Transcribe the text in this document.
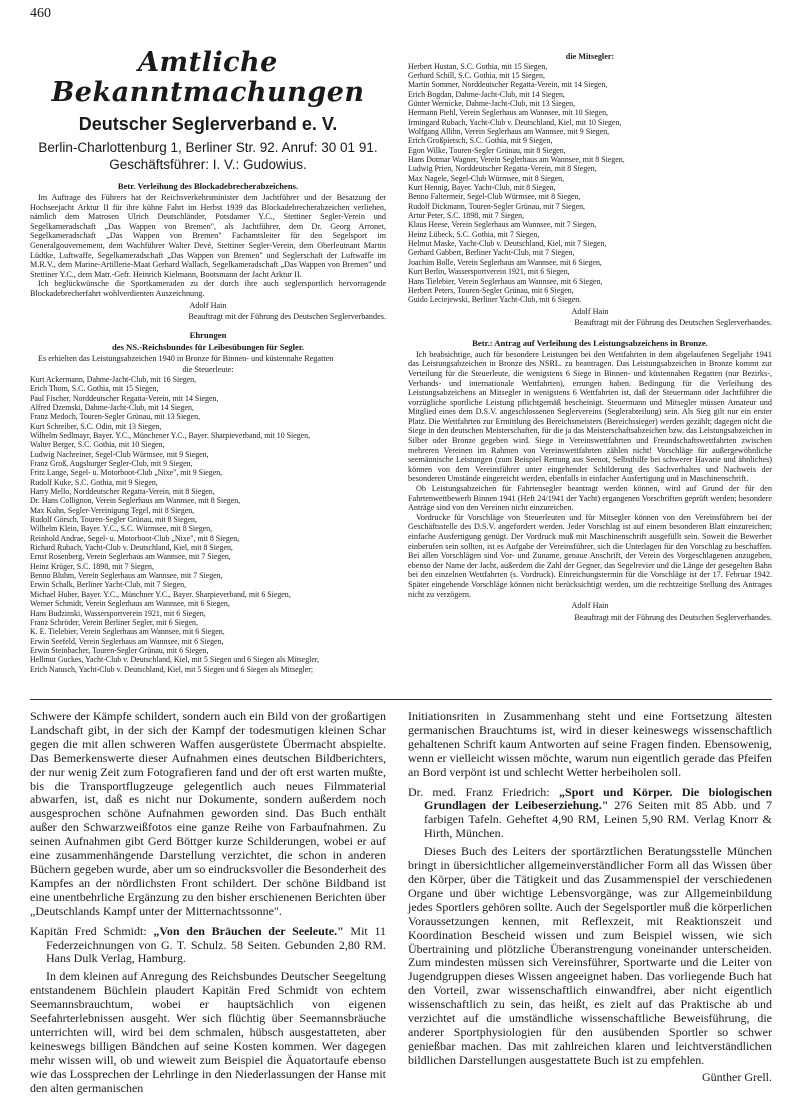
460
Amtliche Bekanntmachungen
Deutscher Seglerverband e. V.

Berlin-Charlottenburg 1, Berliner Str. 92. Anruf: 30 01 91.

Geschäftsführer: I. V.: Gudowius.

Betr. Verleihung des Blockadebrecherabzeichens.

Im Auftrage des Führers hat der Reichsverkehrsminister dem Jachtführer und der Besatzung der Hochseejacht Arktur II für ihre kühne Fahrt im Herbst 1939 das Blockadebrecherabzeichen verliehen, nämlich dem Matrosen Ulrich Deutschländer, Potsdamer Y.C., Stettiner Segler-Verein und Segelkameradschaft „Das Wappen von Bremen", als Jachtführer, dem Dr. Georg Arronet, Segelkameradschaft „Das Wappen von Bremen" Fachamtsleiter für den Segelsport im Generalgouvernement, dem Wachführer Walter Devé, Stettiner Segler-Verein, dem Oberleutnant Martin Lüdtke, Luftwaffe, Segelkameradschaft „Das Wappen von Bremen" und Seglerschaft der Luftwaffe im M.R.V., dem Marine-Artillerie-Maat Gerhard Wallach, Segelkameradschaft „Das Wappen von Bremen" und Stettiner Y.C., dem Matr.-Gefr. Heinrich Kielmann, Bootsmann der Jacht Arktur II.

Ich beglückwünsche die Sportkameraden zu der durch ihre auch seglersportlich hervorragende Blockadebrecherfahrt wohlverdienten Auszeichnung.

Adolf Hain

Beauftragt mit der Führung des Deutschen Seglerverbandes.

Ehrungen
des NS.-Reichsbundes für Leibesübungen für Segler.

Es erhielten das Leistungsabzeichen 1940 in Bronze für Binnen- und küstennahe Regatten

die Steuerleute:

Kurt Ackermann, Dahme-Jacht-Club, mit 16 Siegen,

Erich Thom, S.C. Gothia, mit 15 Siegen,

Paul Fischer, Norddeutscher Regatta-Verein, mit 14 Siegen,

Alfred Dzemski, Dahme-Jacht-Club, mit 14 Siegen,

Franz Medoch, Touren-Segler Grünau, mit 13 Siegen,

Kurt Schreiber, S.C. Odin, mit 13 Siegen,

Wilhelm Sedlmayr, Bayer. Y.C., Münchener Y.C., Bayer. Sharpieverband, mit 10 Siegen,

Walter Berger, S.C. Gothia, mit 10 Siegen,

Ludwig Nachreiner, Segel-Club Würmsee, mit 9 Siegen,

Franz Groß, Augsburger Segler-Club, mit 9 Siegen,

Fritz Lange, Segel- u. Motorboot-Club „Nixe", mit 9 Siegen,

Rudolf Kuke, S.C. Gothia, mit 9 Siegen,

Harry Mello, Norddeutscher Regatta-Verein, mit 8 Siegen,

Dr. Hans Collignon, Verein Seglerhaus am Wannsee, mit 8 Siegen,

Max Kuhn, Segler-Vereinigung Tegel, mit 8 Siegen,

Rudolf Görsch, Touren-Segler Grünau, mit 8 Siegen,

Wilhelm Klein, Bayer. Y.C., S.C. Würmsee, mit 8 Siegen,

Reinhold Andrae, Segel- u. Motorboot-Club „Nixe", mit 8 Siegen,

Richard Rubach, Yacht-Club v. Deutschland, Kiel, mit 8 Siegen,

Ernst Rosenberg, Verein Seglerhaus am Wannsee, mit 7 Siegen,

Heinz Krüger, S.C. 1898, mit 7 Siegen,

Benno Bluhm, Verein Seglerhaus am Wannsee, mit 7 Siegen,

Erwin Schalk, Berliner Yacht-Club, mit 7 Siegen,

Michael Huber, Bayer. Y.C., Münchner Y.C., Bayer. Sharpieverband, mit 6 Siegen,

Werner Schmidt, Verein Seglerhaus am Wannsee, mit 6 Siegen,

Hans Budzinski, Wassersportverein 1921, mit 6 Siegen,

Franz Schröder, Verein Berliner Segler, mit 6 Siegen,

K. E. Tielebier, Verein Seglerhaus am Wannsee, mit 6 Siegen,

Erwin Seefeld, Verein Seglerhaus am Wannsee, mit 6 Siegen,

Erwin Steinbacher, Touren-Segler Grünau, mit 6 Siegen,

Hellmut Guckes, Yacht-Club v. Deutschland, Kiel, mit 5 Siegen und 6 Siegen als Mitsegler,

Erich Natusch, Yacht-Club v. Deutschland, Kiel, mit 5 Siegen und 6 Siegen als Mitsegler;

die Mitsegler:

Herbert Hustan, S.C. Gothia, mit 15 Siegen,

Gerhard Schill, S.C. Gothia, mit 15 Siegen,

Martin Sommer, Norddeutscher Regatta-Verein, mit 14 Siegen,

Erich Bogdan, Dahme-Jacht-Club, mit 14 Siegen,

Günter Wernicke, Dahme-Jacht-Club, mit 13 Siegen,

Hermann Piehl, Verein Seglerhaus am Wannsee, mit 10 Siegen,

Irmingard Rubach, Yacht-Club v. Deutschland, Kiel, mit 10 Siegen,

Wolfgang Allihn, Verein Seglerhaus am Wannsee, mit 9 Siegen,

Erich Großpietsch, S.C. Gothia, mit 9 Siegen,

Egon Wilke, Touren-Segler Grünau, mit 8 Siegen,

Hans Dotmar Wagner, Verein Seglerhaus am Wannsee, mit 8 Siegen,

Ludwig Prien, Norddeutscher Regatta-Verein, mit 8 Siegen,

Max Nagele, Segel-Club Würmsee, mit 8 Siegen,

Kurt Hennig, Bayer. Yacht-Club, mit 8 Siegen,

Benno Faltermeir, Segel-Club Würmsee, mit 8 Siegen,

Rudolf Dickmann, Touren-Segler Grünau, mit 7 Siegen,

Artur Peter, S.C. 1898, mit 7 Siegen,

Klaus Heese, Verein Seglerhaus am Wannsee, mit 7 Siegen,

Heinz Lübeck, S.C. Gothia, mit 7 Siegen,

Helmut Maske, Yacht-Club v. Deutschland, Kiel, mit 7 Siegen,

Gerhard Gabbert, Berliner Yacht-Club, mit 7 Siegen,

Joachim Bolle, Verein Seglerhaus am Wannsee, mit 6 Siegen,

Kurt Berlin, Wassersportverein 1921, mit 6 Siegen,

Hans Tielebier, Verein Seglerhaus am Wannsee, mit 6 Siegen,

Herbert Peters, Touren-Segler Grünau, mit 6 Siegen,

Guido Leciejewski, Berliner Yacht-Club, mit 6 Siegen.

Adolf Hain

Beauftragt mit der Führung des Deutschen Seglerverbandes.

Betr.: Antrag auf Verleihung des Leistungsabzeichens in Bronze.

Ich beabsichtige, auch für besondere Leistungen bei den Wettfahrten in dem abgelaufenen Segeljahr 1941 das Leistungsabzeichen in Bronze des NSRL. zu beantragen. Das Leistungsabzeichen in Bronze kommt zur Verteilung für die Steuerleute, die wenigstens 6 Siege in Binnen- und küstennahen Regatten (nur Bezirks-, Verbands- und internationale Wettfahrten), errungen haben. Bedingung für die Verleihung des Leistungsabzeichens an Mitsegler in wenigstens 6 Wettfahrten ist, daß der Steuermann oder Jachtführer die vorzügliche sportliche Leistung pflichtgemäß bescheinigt. Steuermann und Mitsegler müssen Amateur und Mitglied eines dem D.S.V. angeschlossenen Seglervereins (Seglerabteilung) sein. Als Sieg gilt nur ein erster Platz. Die Wettfahrten zur Ermittlung des Bereichsmeisters (Bereichssieger) werden gezählt; dagegen nicht die Siege in den deutschen Meisterschaften, für die ja das Meisterschaftsabzeichen bzw. das Leistungsabzeichen in Silber oder Bronze gegeben wird. Siege in Vereinswettfahrten und Freundschaftswettfahrten zwischen mehreren Vereinen im Rahmen von Vereinswettfahrten zählen nicht! Vorschläge für außergewöhnliche seemännische Leistungen (zum Beispiel Rettung aus Seenot, Selbsthilfe bei schwerer Havarie und ähnliches) können von dem Vereinsführer unter eingehender Schilderung des Sachverhaltes und Nachweis der besonderen Umstände eingereicht werden, ebenfalls in einfacher Ausfertigung und in Maschinenschrift.

Ob Leistungsabzeichen für Fahrtensegler beantragt werden können, wird auf Grund der für den Fahrtenwettbewerb Binnen 1941 (Heft 24/1941 der Yacht) ergangenen Vorschriften geprüft werden; besondere Anträge sind von den Vereinen nicht einzureichen.

Vordrucke für Vorschläge von Steuerleuten und für Mitsegler können von den Vereinsführern bei der Geschäftsstelle des D.S.V. angefordert werden. Jeder Vorschlag ist auf einem besonderen Blatt einzureichen; einfache Ausfertigung genügt. Der Vordruck muß mit Maschinenschrift ausgefüllt sein. Soweit die Bewerber einberufen sein sollten, ist es Aufgabe der Vereinsführer, sich die Unterlagen für den Vorschlag zu beschaffen. Bei allen Vorschlägen sind Vor- und Zuname, genaue Anschrift, der Verein des Vorgeschlagenen anzugeben, ebenso der Name der Jacht, außerdem die Zahl der Gegner, das Segelrevier und die Länge der gesegelten Bahn bei den einzelnen Wettfahrten (s. Vordruck). Einreichungstermin für die Vorschläge ist der 17. Februar 1942. Später eingehende Vorschläge können nicht berücksichtigt werden, um die rechtzeitige Stellung des Antrages nicht zu verzögern.

Adolf Hain

Beauftragt mit der Führung des Deutschen Seglerverbandes.

Schwere der Kämpfe schildert, sondern auch ein Bild von der großartigen Landschaft gibt, in der sich der Kampf der todesmutigen kleinen Schar gegen die mit allen schweren Waffen ausgerüstete Übermacht abspielte. Das Bemerkenswerte dieser Aufnahmen eines deutschen Bildberichters, der nur wenig Zeit zum Fotografieren fand und der oft erst warten mußte, bis die Transportflugzeuge gelegentlich auch neues Filmmaterial abwarfen, ist, daß es nicht nur Dokumente, sondern außerdem noch ausgesprochen schöne Aufnahmen geworden sind. Das Buch enthält außer den Schwarzweißfotos eine ganze Reihe von Farbaufnahmen. Zu seinen Aufnahmen gibt Gerd Böttger kurze Schilderungen, wobei er auf eine zusammenhängende Darstellung verzichtet, die schon in anderen Büchern gegeben wurde, aber um so eindrucksvoller die Besonderheit des Kampfes an der nördlichsten Front schildert. Der schöne Bildband ist eine unentbehrliche Ergänzung zu den bisher erschienenen Berichten über „Deutschlands Kampf unter der Mitternachtssonne".

Kapitän Fred Schmidt: „Von den Bräuchen der Seeleute." Mit 11 Federzeichnungen von G. T. Schulz. 58 Seiten. Gebunden 2,80 RM. Hans Dulk Verlag, Hamburg.

In dem kleinen auf Anregung des Reichsbundes Deutscher Seegeltung entstandenem Büchlein plaudert Kapitän Fred Schmidt von echtem Seemannsbrauchtum, wobei er hauptsächlich von eigenen Seefahrterlebnissen ausgeht. Wer sich flüchtig über Seemannsbräuche unterrichten will, wird bei dem schmalen, hübsch ausgestatteten, aber keineswegs billigen Bändchen auf seine Kosten kommen. Wer dagegen mehr wissen will, ob und wieweit zum Beispiel die Äquatortaufe ebenso wie das Lossprechen der Lehrlinge in den Niederlassungen der Hanse mit den alten germanischen

Initiationsriten in Zusammenhang steht und eine Fortsetzung ältesten germanischen Brauchtums ist, wird in dieser keineswegs wissenschaftlich gehaltenen Schrift kaum Antworten auf seine Fragen finden. Ebensowenig, wenn er vielleicht wissen möchte, warum nun eigentlich gerade das Pfeifen an Bord verpönt ist und schlecht Wetter herbeiholen soll.

Dr. med. Franz Friedrich: „Sport und Körper. Die biologischen Grundlagen der Leibeserziehung." 276 Seiten mit 85 Abb. und 7 farbigen Tafeln. Geheftet 4,90 RM, Leinen 5,90 RM. Verlag Knorr & Hirth, München.

Dieses Buch des Leiters der sportärztlichen Beratungsstelle München bringt in übersichtlicher allgemeinverständlicher Form all das Wissen über den Körper, über die Tätigkeit und das Zusammenspiel der verschiedenen Organe und über wichtige Lebensvorgänge, was zur Allgemeinbildung jedes Sportlers gehören sollte. Auch der Segelsportler muß die körperlichen Voraussetzungen kennen, mit Reflexzeit, mit Reaktionszeit und Koordination Bescheid wissen und zum Beispiel wissen, wie sich Übertraining und plötzliche Überanstrengung voneinander unterscheiden. Zum mindesten müssen sich Vereinsführer, Sportwarte und die Leiter von Jugendgruppen dieses Wissen angeeignet haben. Das vorliegende Buch hat den Vorteil, zwar wissenschaftlich einwandfrei, aber nicht eigentlich wissenschaftlich zu sein, das heißt, es zielt auf das Praktische ab und verzichtet auf die umständliche wissenschaftliche Beweisführung, die anderer Sportphysiologien für den ausübenden Sportler so schwer genießbar machen. Das mit zahlreichen klaren und leichtverständlichen bildlichen Darstellungen ausgestattete Buch ist zu empfehlen.

Günther Grell.
